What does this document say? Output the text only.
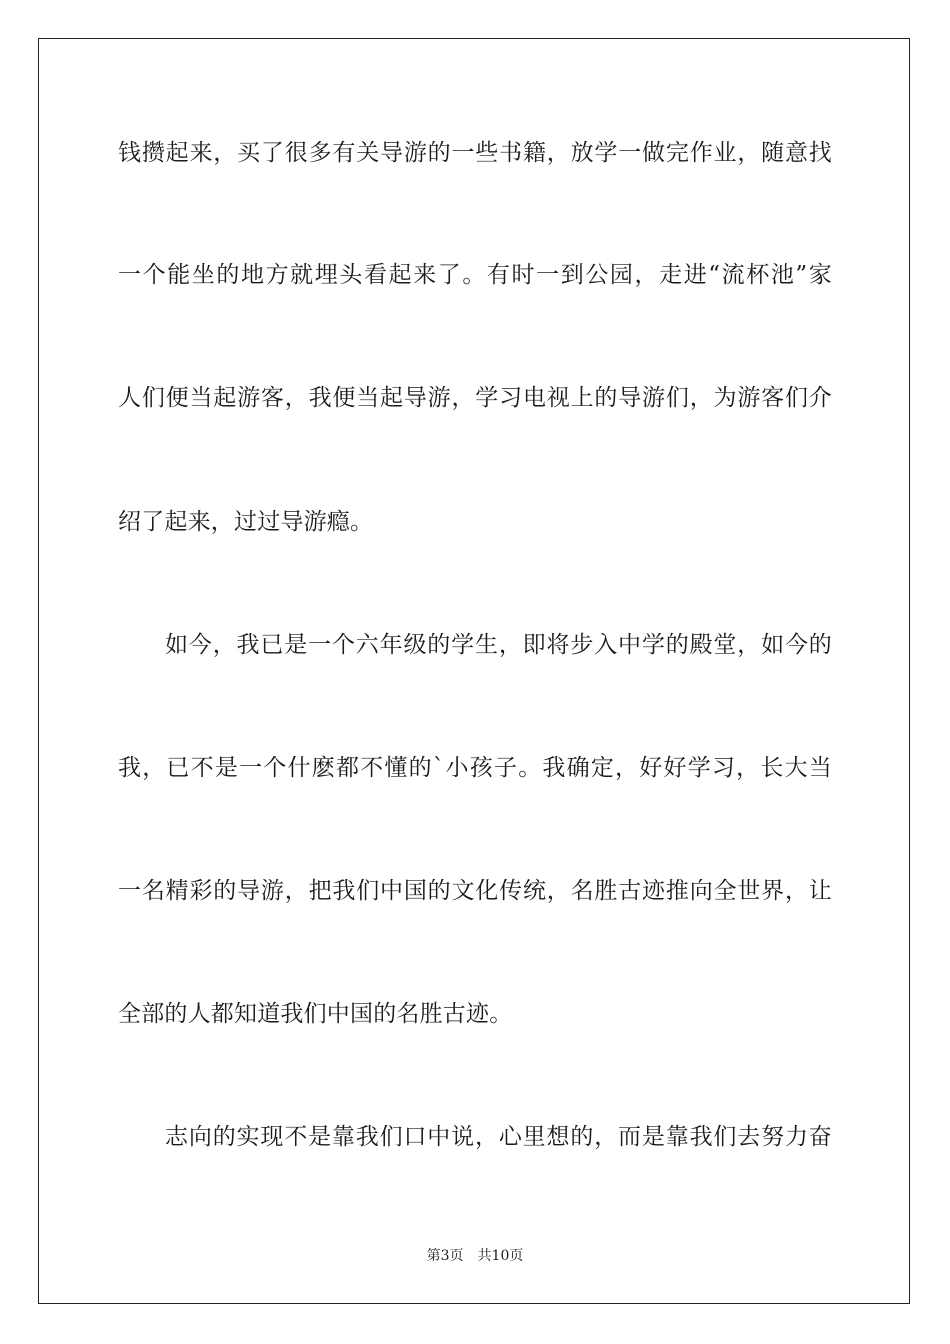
钱攒起来，买了很多有关导游的一些书籍，放学一做完作业，随意找
一个能坐的地方就埋头看起来了。有时一到公园，走进“流杯池”家
人们便当起游客，我便当起导游，学习电视上的导游们，为游客们介
绍了起来，过过导游瘾。
如今，我已是一个六年级的学生，即将步入中学的殿堂，如今的
我，已不是一个什麽都不懂的`小孩子。我确定，好好学习，长大当
一名精彩的导游，把我们中国的文化传统，名胜古迹推向全世界，让
全部的人都知道我们中国的名胜古迹。
志向的实现不是靠我们口中说，心里想的，而是靠我们去努力奋
第3页 共10页
